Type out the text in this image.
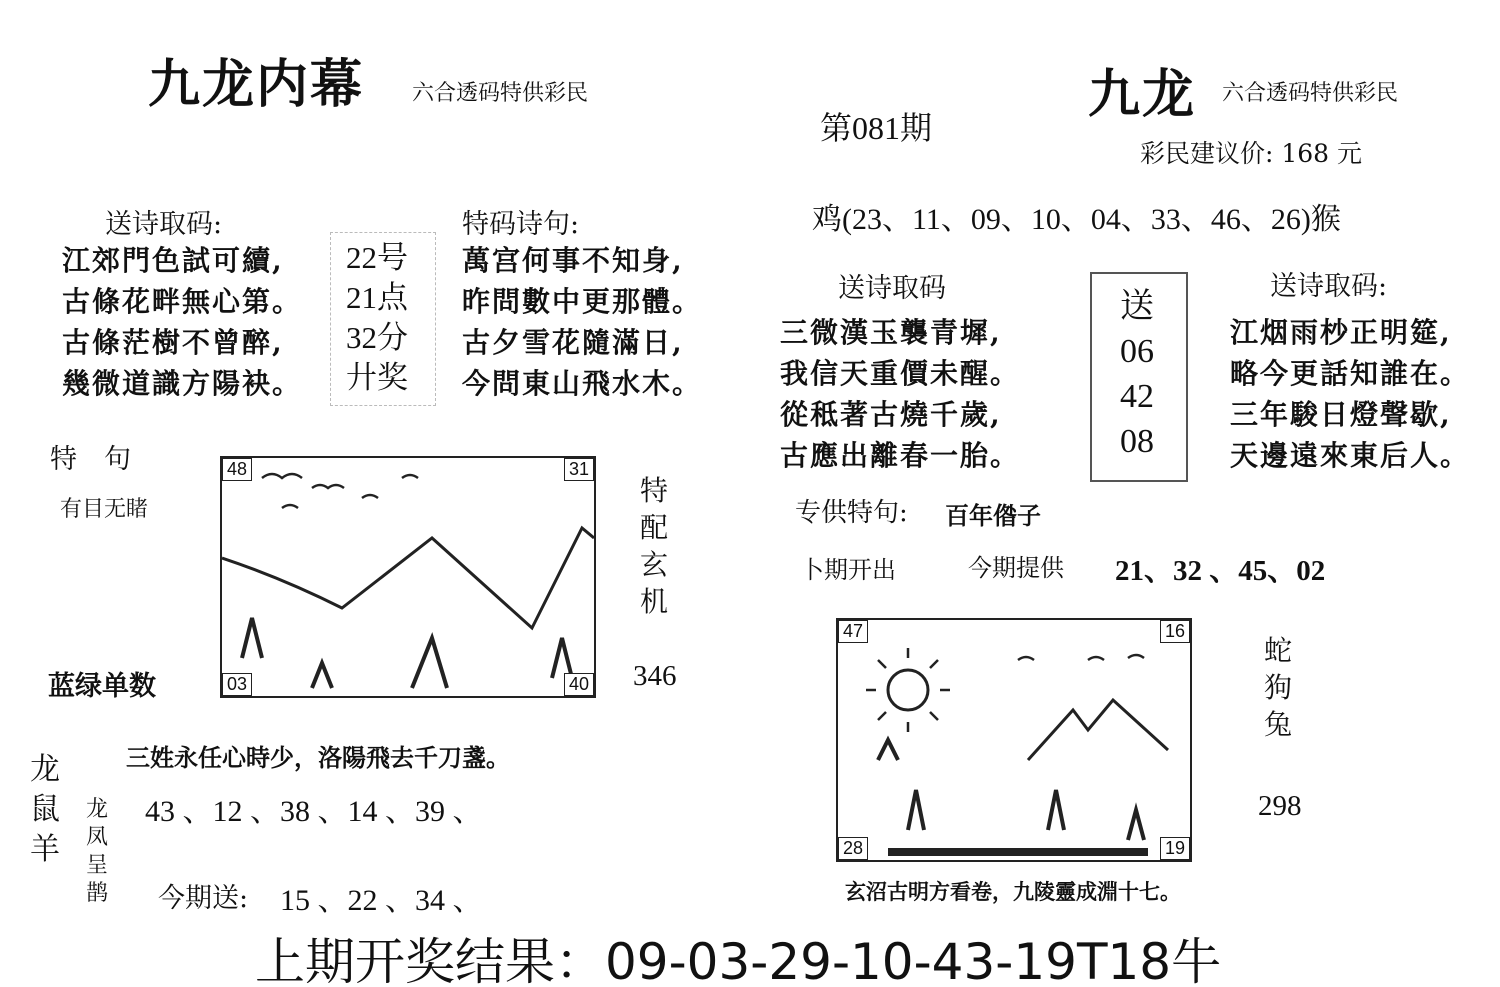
九龙内幕 六合透码特供彩民
送诗取码:
江郊門色試可續,
古條花畔無心第。
古條茫樹不曾醉,
幾微道識方陽袂。
22号
21点
32分
廾奖
特码诗句:
萬宫何事不知身,
昨問數中更那體。
古夕雪花隨滿日,
今問東山飛水木。
特　句
有目无睹
蓝绿单数
48	31
03	40
特配玄机
346
三姓永任心時少，洛陽飛去千刀盞。
龙鼠羊
龙凤呈鹊
43 、12 、38 、14 、39 、
今期送: 15 、22 、34 、
第081期
九龙 六合透码特供彩民
彩民建议价: 168 元
鸡(23、11、09、10、04、33、46、26)猴
送诗取码
三微漢玉襲青墀,
我信天重價未醒。
從秪著古燒千歲,
古應出離春一胎。
送
06
42
08
送诗取码:
江烟雨杪正明筵,
略今更話知誰在。
三年駿日燈聲歇,
天邊遠來東后人。
专供特句: 百年偺子
卜期开出	今期提供 21、32 、45、02
47	16
28	19
蛇狗兔
298
玄沼古明方看卷，九陵靈成淵十七。
上期开奖结果：09-03-29-10-43-19T18牛
